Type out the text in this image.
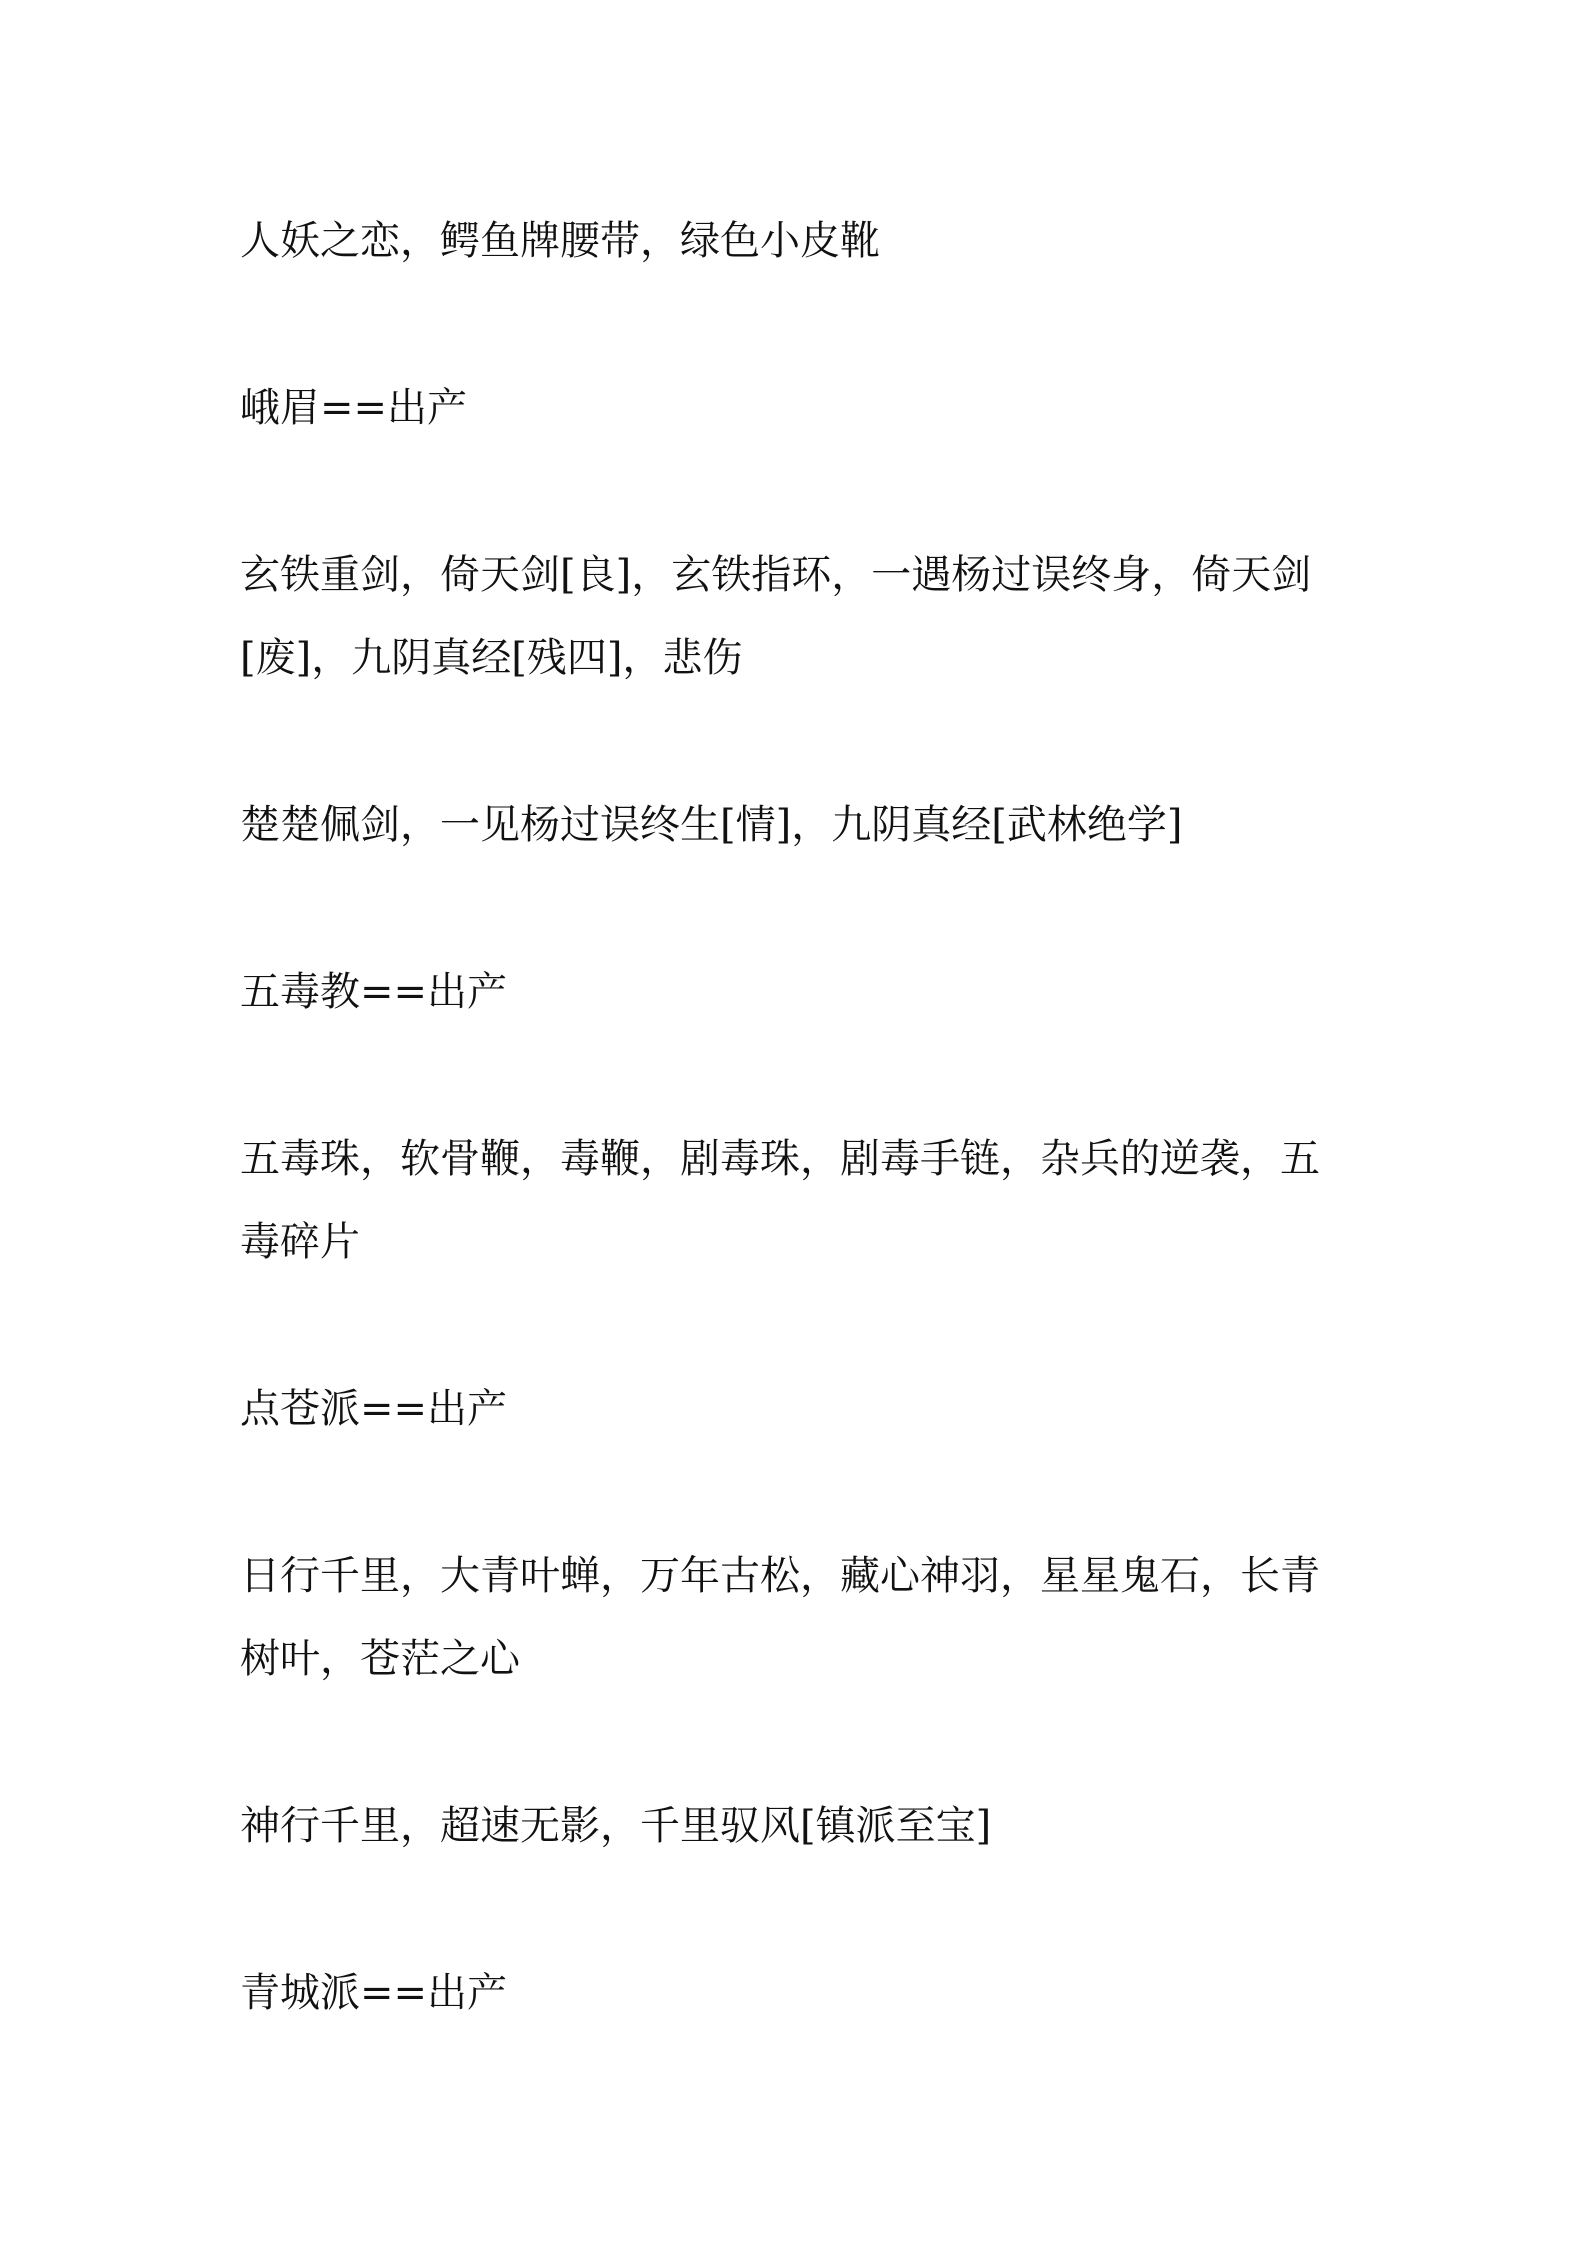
人妖之恋，鳄鱼牌腰带，绿色小皮靴

峨眉==出产

玄铁重剑，倚天剑[良]，玄铁指环，一遇杨过误终身，倚天剑[废]，九阴真经[残四]，悲伤

楚楚佩剑，一见杨过误终生[情]，九阴真经[武林绝学]

五毒教==出产

五毒珠，软骨鞭，毒鞭，剧毒珠，剧毒手链，杂兵的逆袭，五毒碎片

点苍派==出产

日行千里，大青叶蝉，万年古松，藏心神羽，星星鬼石，长青树叶，苍茫之心

神行千里，超速无影，千里驭风[镇派至宝]

青城派==出产
